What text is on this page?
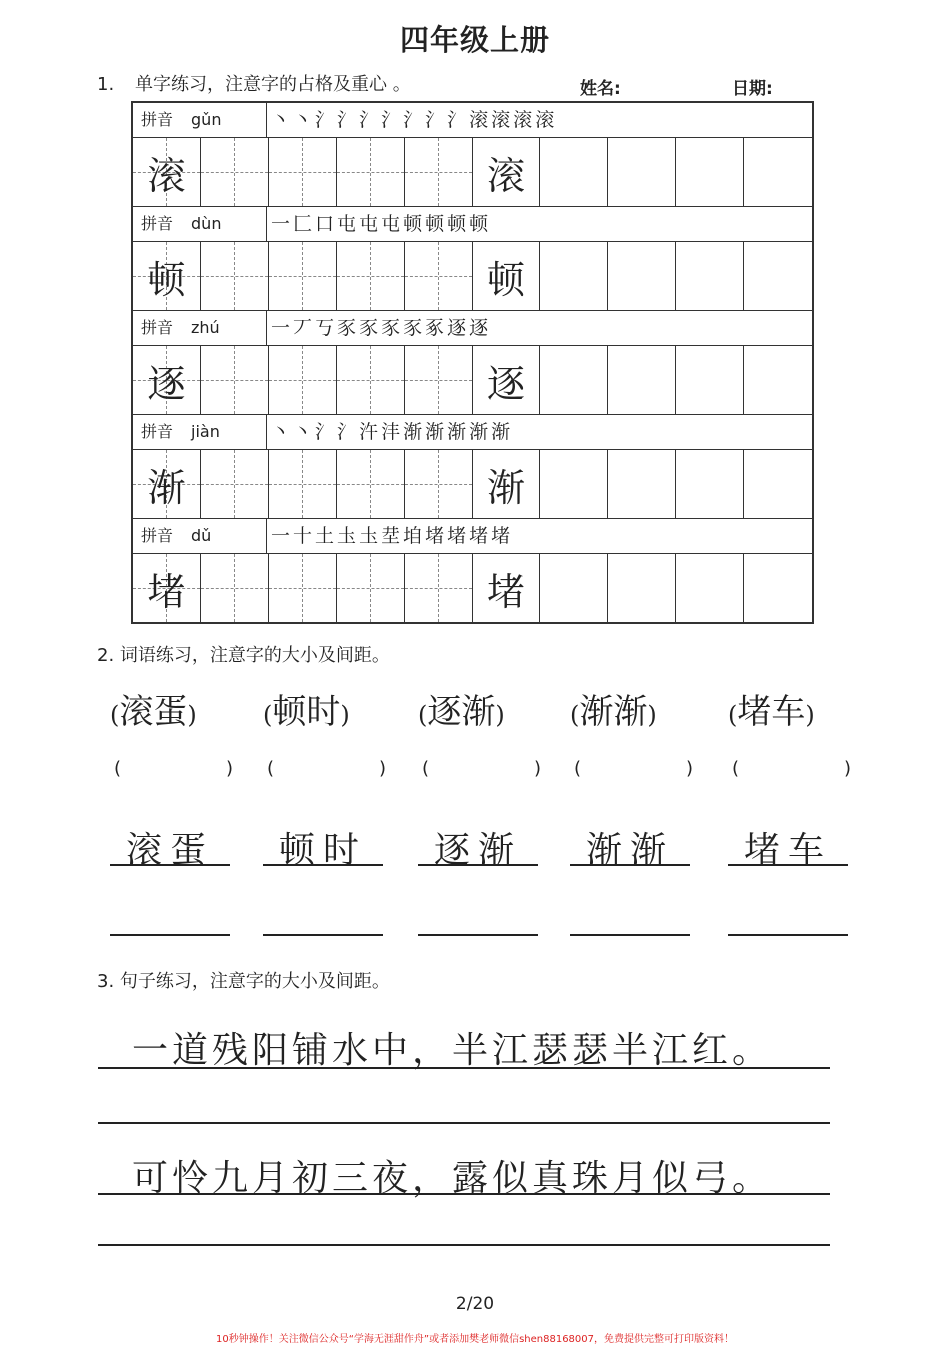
四年级上册
1. 单字练习，注意字的占格及重心 。	姓名:	日期:
拼音 gǔn	丶丶氵氵氵氵氵氵氵滚滚滚滚
滚	滚
拼音 dùn	一匚口屯屯屯顿顿顿顿
顿	顿
拼音 zhú	一丆丂豕豕豕豕豖逐逐
逐	逐
拼音 jiàn	丶丶氵氵汻沣渐渐渐渐渐
渐	渐
拼音 dǔ	一十土圡圡坓垍堵堵堵堵
堵	堵
2. 词语练习，注意字的大小及间距。
(滚蛋)
(	)
滚蛋
(顿时)
(	)
顿时
(逐渐)
(	)
逐渐
(渐渐)
(	)
渐渐
(堵车)
(	)
堵车
3. 句子练习，注意字的大小及间距。
一道残阳铺水中，半江瑟瑟半江红。
可怜九月初三夜，露似真珠月似弓。
2/20
10秒钟操作！关注微信公众号“学海无涯甜作舟”或者添加樊老师微信shen88168007，免费提供完整可打印版资料！
